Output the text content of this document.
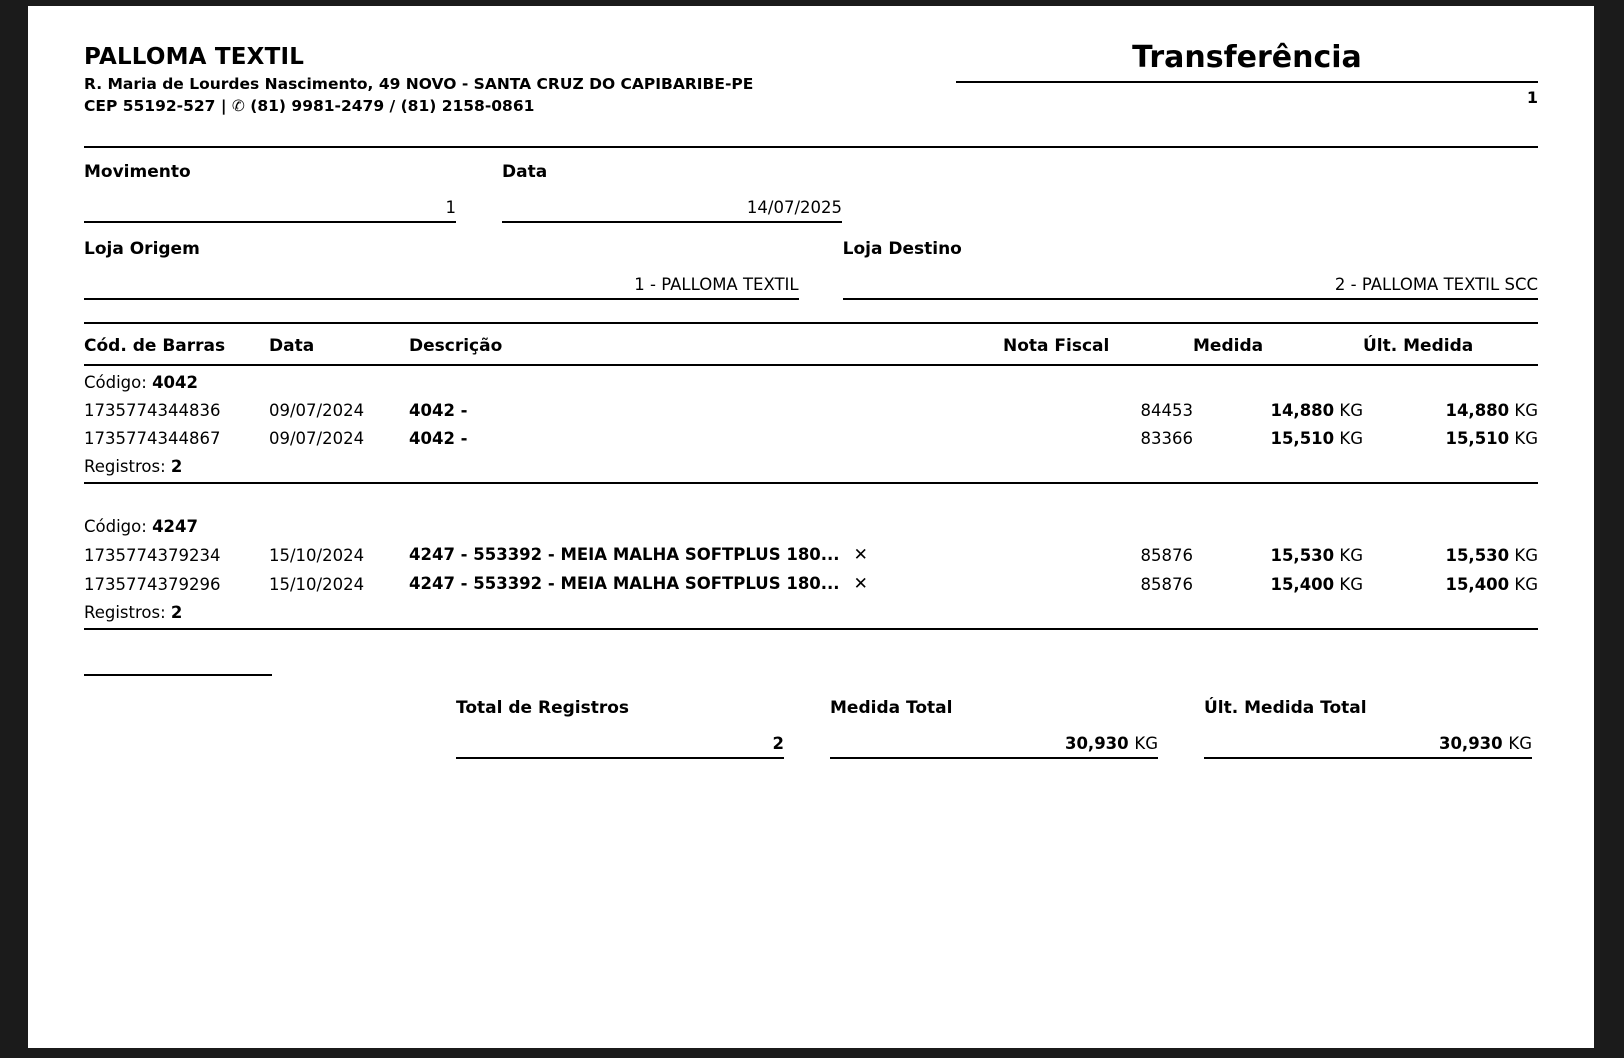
PALLOMA TEXTIL
R. Maria de Lourdes Nascimento, 49 NOVO - SANTA CRUZ DO CAPIBARIBE-PE
CEP 55192-527 | ✆ (81) 9981-2479 / (81) 2158-0861
Transferência
1
Movimento
1
Data
14/07/2025
Loja Origem
1 - PALLOMA TEXTIL
Loja Destino
2 - PALLOMA TEXTIL SCC
Cód. de Barras	Data	Descrição	Nota Fiscal	Medida	Últ. Medida
Código: 4042					
1735774344836	09/07/2024	4042 -	84453	14,880 KG	14,880 KG
1735774344867	09/07/2024	4042 -	83366	15,510 KG	15,510 KG
Registros: 2					

Código: 4247					
1735774379234	15/10/2024	4247 - 553392 - MEIA MALHA SOFTPLUS 180... ✕	85876	15,530 KG	15,530 KG
1735774379296	15/10/2024	4247 - 553392 - MEIA MALHA SOFTPLUS 180... ✕	85876	15,400 KG	15,400 KG
Registros: 2					
Total de Registros
2
Medida Total
30,930 KG
Últ. Medida Total
30,930 KG
